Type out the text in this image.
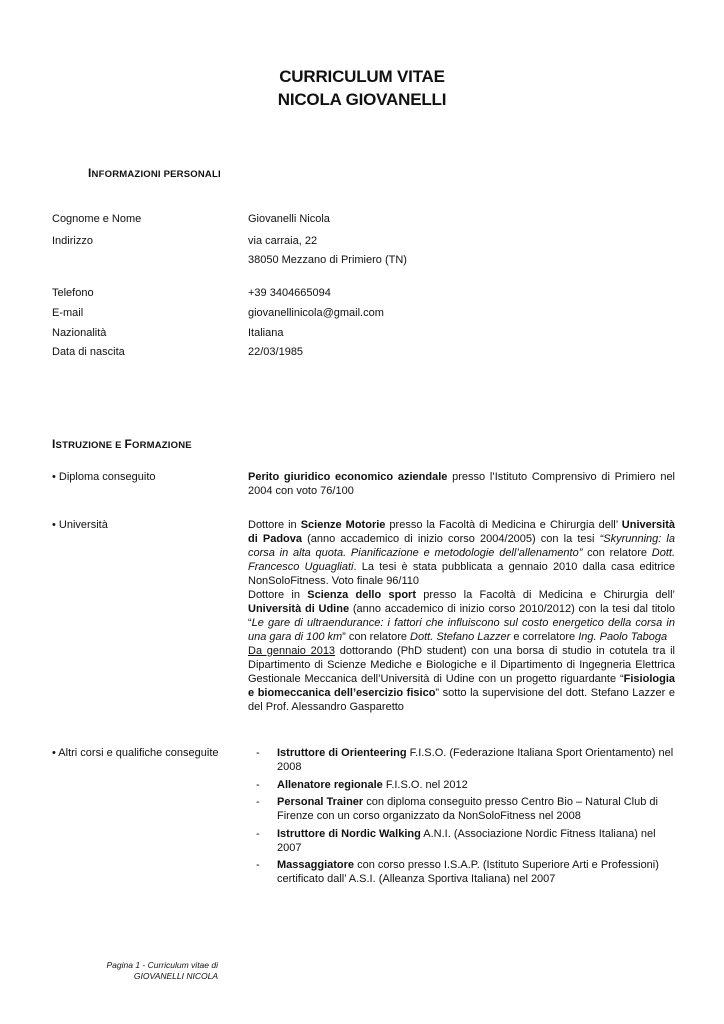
CURRICULUM VITAE
NICOLA GIOVANELLI
INFORMAZIONI PERSONALI
Cognome e Nome	Giovanelli Nicola
Indirizzo	via carraia, 22
38050 Mezzano di Primiero (TN)
Telefono	+39 3404665094
E-mail	giovanellinicola@gmail.com
Nazionalità	Italiana
Data di nascita	22/03/1985
ISTRUZIONE E FORMAZIONE
• Diploma conseguito	Perito giuridico economico aziendale presso l’Istituto Comprensivo di Primiero nel 2004 con voto 76/100
• Università	Dottore in Scienze Motorie presso la Facoltà di Medicina e Chirurgia dell’ Università di Padova (anno accademico di inizio corso 2004/2005) con la tesi “Skyrunning: la corsa in alta quota. Pianificazione e metodologie dell’allenamento” con relatore Dott. Francesco Uguagliati. La tesi è stata pubblicata a gennaio 2010 dalla casa editrice NonSoloFitness. Voto finale 96/110

Dottore in Scienza dello sport presso la Facoltà di Medicina e Chirurgia dell’ Università di Udine (anno accademico di inizio corso 2010/2012) con la tesi dal titolo “Le gare di ultraendurance: i fattori che influiscono sul costo energetico della corsa in una gara di 100 km” con relatore Dott. Stefano Lazzer e correlatore Ing. Paolo Taboga

Da gennaio 2013 dottorando (PhD student) con una borsa di studio in cotutela tra il Dipartimento di Scienze Mediche e Biologiche e il Dipartimento di Ingegneria Elettrica Gestionale Meccanica dell’Università di Udine con un progetto riguardante “Fisiologia e biomeccanica dell’esercizio fisico” sotto la supervisione del dott. Stefano Lazzer e del Prof. Alessandro Gasparetto

• Altri corsi e qualifiche conseguite
-	Istruttore di Orienteering F.I.S.O. (Federazione Italiana Sport Orientamento) nel 2008
- Allenatore regionale F.I.S.O. nel 2012
- Personal Trainer con diploma conseguito presso Centro Bio – Natural Club di Firenze con un corso organizzato da NonSoloFitness nel 2008
- Istruttore di Nordic Walking A.N.I. (Associazione Nordic Fitness Italiana) nel 2007
- Massaggiatore con corso presso I.S.A.P. (Istituto Superiore Arti e Professioni) certificato dall’ A.S.I. (Alleanza Sportiva Italiana) nel 2007
Pagina 1 - Curriculum vitae di
GIOVANELLI NICOLA
